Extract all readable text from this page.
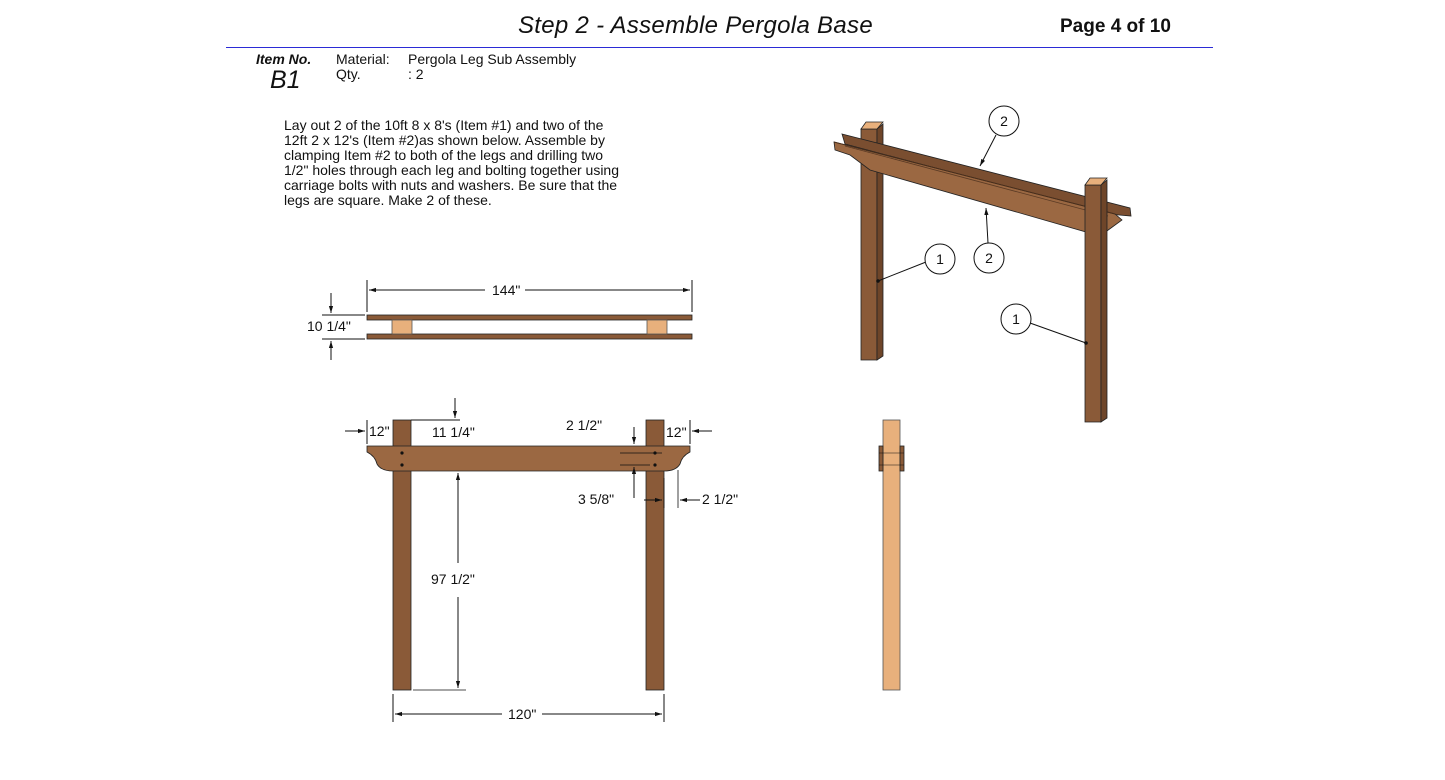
Step 2 - Assemble Pergola Base	Page 4 of 10
Item No.
B1
Material:	Pergola Leg Sub Assembly
Qty.	: 2
Lay out 2 of the 10ft 8 x 8's (Item #1) and two of the
12ft 2 x 12's (Item #2)as shown below. Assemble by
clamping Item #2 to both of the legs and drilling two
1/2" holes through each leg and bolting together using
carriage bolts with nuts and washers. Be sure that the
legs are square. Make 2 of these.
144"
10 1/4"
12"	11 1/4"	12"
2 1/2"
3 5/8"	2 1/2"
97 1/2"
120"
2
1	2
1
